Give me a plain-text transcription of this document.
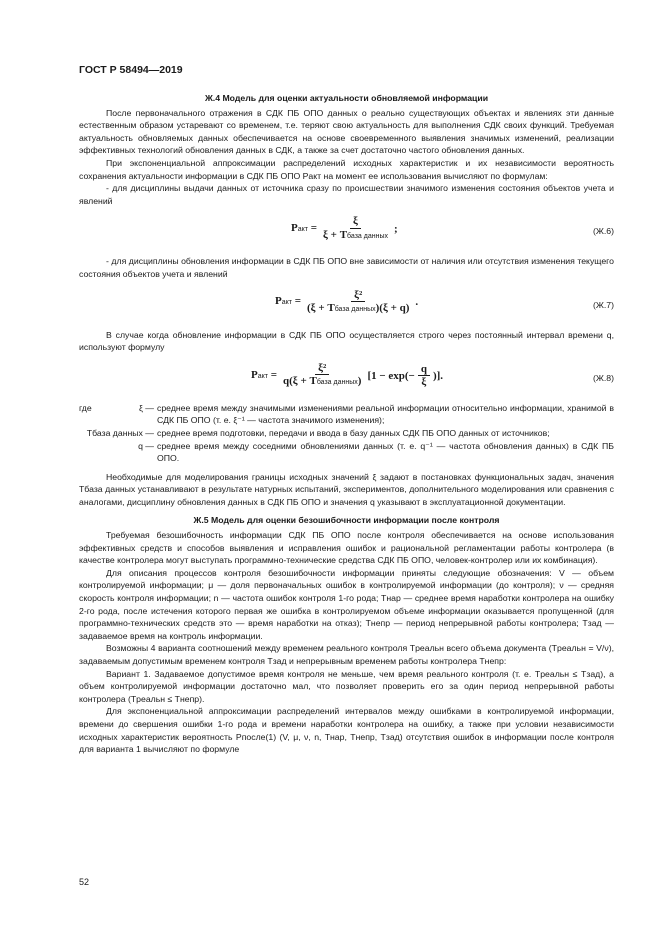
ГОСТ Р 58494—2019
Ж.4 Модель для оценки актуальности обновляемой информации

После первоначального отражения в СДК ПБ ОПО данных о реально существующих объектах и явлениях эти данные естественным образом устаревают со временем, т.е. теряют свою актуальность для выполнения СДК своих функций. Требуемая актуальность обновляемых данных обеспечивается на основе своевременного выявления значимых изменений, реализации эффективных технологий обновления данных в СДК, а также за счет достаточно частого обновления данных.

При экспоненциальной аппроксимации распределений исходных характеристик и их независимости вероятность сохранения актуальности информации в СДК ПБ ОПО Pакт на момент ее использования вычисляют по формулам:

- для дисциплины выдачи данных от источника сразу по происшествии значимого изменения состояния объектов учета и явлений

Pакт = $\frac{\xi}{\text{ξ + Tбаза данных}}$ ;	(Ж.6)

- для дисциплины обновления информации в СДК ПБ ОПО вне зависимости от наличия или отсутствия изменения текущего состояния объектов учета и явлений

Pакт = $\frac{\text{ξ²}}{\text{(ξ + Tбаза данных)(ξ + q)}}$ .	(Ж.7)

В случае когда обновление информации в СДК ПБ ОПО осуществляется строго через постоянный интервал времени q, используют формулу

Pакт = $\frac{\text{ξ²}}{\text{q(ξ + Tбаза данных)}} [1 - \exp(- \frac{q}{\xi}$ )].	(Ж.8)
где	ξ — среднее время между значимыми изменениями реальной информации относительно информации, хранимой в СДК ПБ ОПО (т. е. ξ⁻¹ — частота значимого изменения);

Tбаза данных — среднее время подготовки, передачи и ввода в базу данных СДК ПБ ОПО данных от источников;

q — среднее время между соседними обновлениями данных (т. е. q⁻¹ — частота обновления данных) в СДК ПБ ОПО.

Необходимые для моделирования границы исходных значений ξ задают в постановках функциональных задач, значения Tбаза данных устанавливают в результате натурных испытаний, экспериментов, дополнительного моделирования или сравнения с аналогами, дисциплину обновления данных в СДК ПБ ОПО и значения q указывают в эксплуатационной документации.

Ж.5 Модель для оценки безошибочности информации после контроля

Требуемая безошибочность информации СДК ПБ ОПО после контроля обеспечивается на основе использования эффективных средств и способов выявления и исправления ошибок и рациональной регламентации работы контролера (в качестве контролера могут выступать программно-технические средства СДК ПБ ОПО, человек-контролер или их комбинация).

Для описания процессов контроля безошибочности информации приняты следующие обозначения: V — объем контролируемой информации; μ — доля первоначальных ошибок в контролируемой информации (до контроля); ν — средняя скорость контроля информации; n — частота ошибок контроля 1-го рода; Tнар — среднее время наработки контролера на ошибку 2-го рода, после истечения которого первая же ошибка в контролируемом объеме информации оказывается пропущенной (для программно-технических средств это — время наработки на отказ); Tнепр — период непрерывной работы контролера; Tзад — задаваемое время на контроль информации.

Возможны 4 варианта соотношений между временем реального контроля Tреальн всего объема документа (Tреальн = V/ν), задаваемым допустимым временем контроля Tзад и непрерывным временем работы контролера Tнепр:

Вариант 1. Задаваемое допустимое время контроля не меньше, чем время реального контроля (т. е. Tреальн ≤ Tзад), а объем контролируемой информации достаточно мал, что позволяет проверить его за один период непрерывной работы контролера (Tреальн ≤ Tнепр).

Для экспоненциальной аппроксимации распределений интервалов между ошибками в контролируемой информации, времени до свершения ошибки 1-го рода и времени наработки контролера на ошибку, а также при условии независимости исходных характеристик вероятность Pпосле(1) (V, μ, ν, n, Tнар, Tнепр, Tзад) отсутствия ошибок в информации после контроля для варианта 1 вычисляют по формуле

52
